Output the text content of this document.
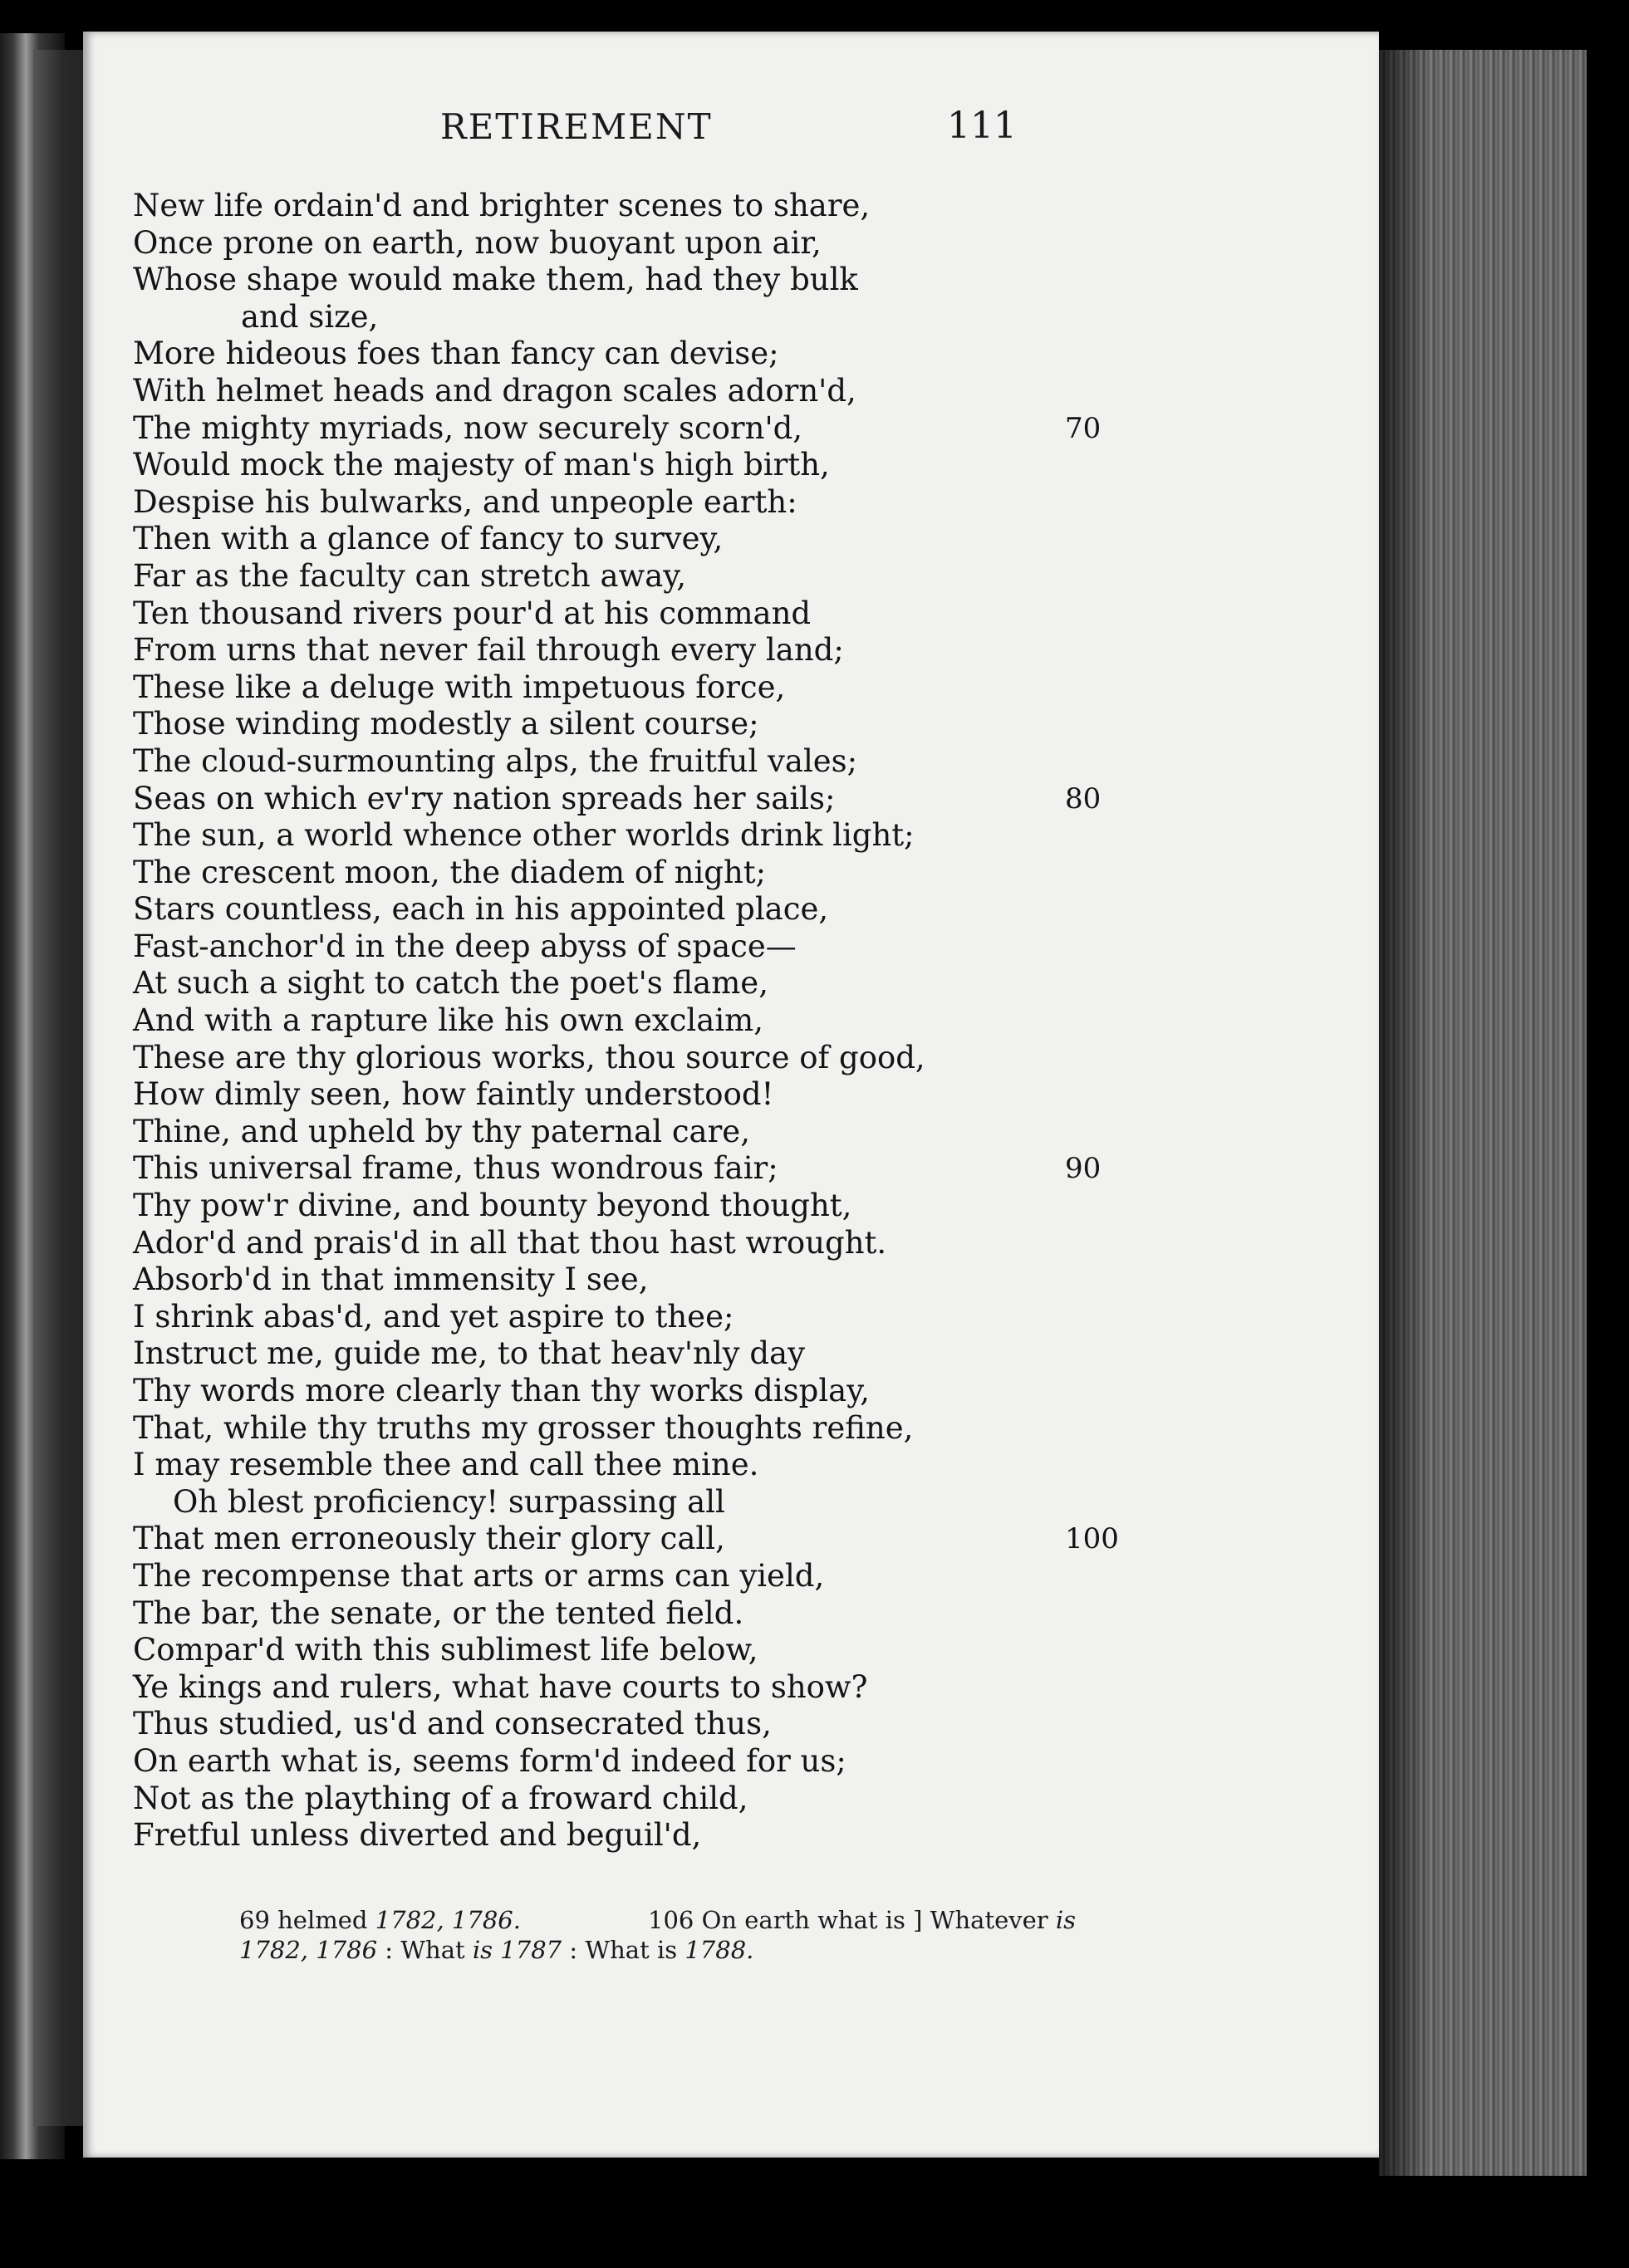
RETIREMENT	111
New life ordain'd and brighter scenes to share,
Once prone on earth, now buoyant upon air,
Whose shape would make them, had they bulk
and size,
More hideous foes than fancy can devise;
With helmet heads and dragon scales adorn'd,
The mighty myriads, now securely scorn'd,	70
Would mock the majesty of man's high birth,
Despise his bulwarks, and unpeople earth:
Then with a glance of fancy to survey,
Far as the faculty can stretch away,
Ten thousand rivers pour'd at his command
From urns that never fail through every land;
These like a deluge with impetuous force,
Those winding modestly a silent course;
The cloud-surmounting alps, the fruitful vales;
Seas on which ev'ry nation spreads her sails;	80
The sun, a world whence other worlds drink light;
The crescent moon, the diadem of night;
Stars countless, each in his appointed place,
Fast-anchor'd in the deep abyss of space—
At such a sight to catch the poet's flame,
And with a rapture like his own exclaim,
These are thy glorious works, thou source of good,
How dimly seen, how faintly understood!
Thine, and upheld by thy paternal care,
This universal frame, thus wondrous fair;	90
Thy pow'r divine, and bounty beyond thought,
Ador'd and prais'd in all that thou hast wrought.
Absorb'd in that immensity I see,
I shrink abas'd, and yet aspire to thee;
Instruct me, guide me, to that heav'nly day
Thy words more clearly than thy works display,
That, while thy truths my grosser thoughts refine,
I may resemble thee and call thee mine.
Oh blest proficiency! surpassing all
That men erroneously their glory call,	100
The recompense that arts or arms can yield,
The bar, the senate, or the tented field.
Compar'd with this sublimest life below,
Ye kings and rulers, what have courts to show?
Thus studied, us'd and consecrated thus,
On earth what is, seems form'd indeed for us;
Not as the plaything of a froward child,
Fretful unless diverted and beguil'd,
69 helmed 1782, 1786.	106 On earth what is ] Whatever is
1782, 1786 : What is 1787 : What is 1788.
